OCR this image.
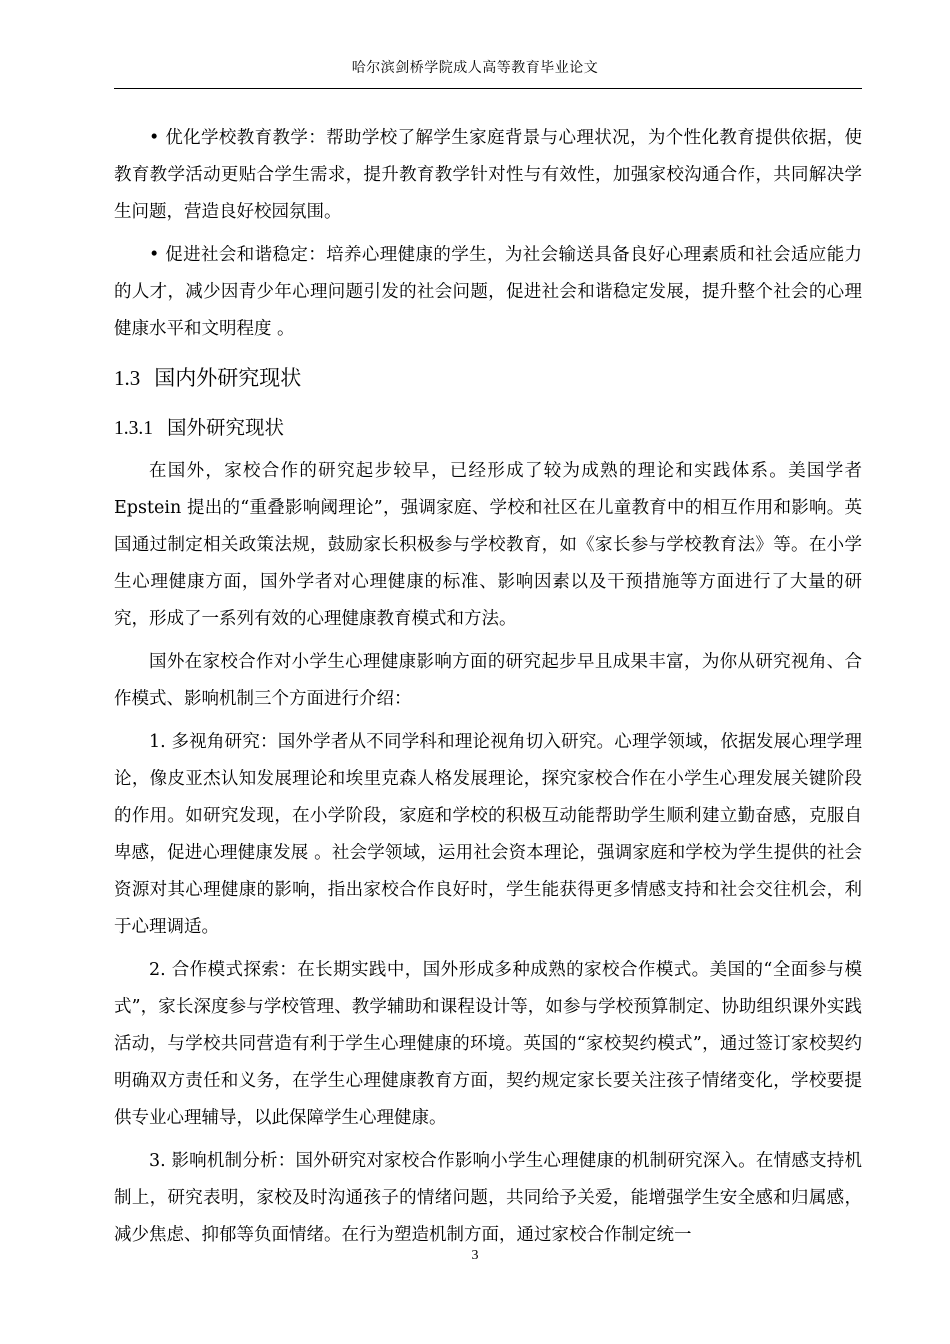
哈尔滨剑桥学院成人高等教育毕业论文

• 优化学校教育教学：帮助学校了解学生家庭背景与心理状况，为个性化教育提供依据，使教育教学活动更贴合学生需求，提升教育教学针对性与有效性，加强家校沟通合作，共同解决学生问题，营造良好校园氛围。

• 促进社会和谐稳定：培养心理健康的学生，为社会输送具备良好心理素质和社会适应能力的人才，减少因青少年心理问题引发的社会问题，促进社会和谐稳定发展，提升整个社会的心理健康水平和文明程度 。

1.3 国内外研究现状
1.3.1 国外研究现状

在国外，家校合作的研究起步较早，已经形成了较为成熟的理论和实践体系。美国学者 Epstein 提出的“重叠影响阈理论”，强调家庭、学校和社区在儿童教育中的相互作用和影响。英国通过制定相关政策法规，鼓励家长积极参与学校教育，如《家长参与学校教育法》等。在小学生心理健康方面，国外学者对心理健康的标准、影响因素以及干预措施等方面进行了大量的研究，形成了一系列有效的心理健康教育模式和方法。

国外在家校合作对小学生心理健康影响方面的研究起步早且成果丰富，为你从研究视角、合作模式、影响机制三个方面进行介绍：

1. 多视角研究：国外学者从不同学科和理论视角切入研究。心理学领域，依据发展心理学理论，像皮亚杰认知发展理论和埃里克森人格发展理论，探究家校合作在小学生心理发展关键阶段的作用。如研究发现，在小学阶段，家庭和学校的积极互动能帮助学生顺利建立勤奋感，克服自卑感，促进心理健康发展 。社会学领域，运用社会资本理论，强调家庭和学校为学生提供的社会资源对其心理健康的影响，指出家校合作良好时，学生能获得更多情感支持和社会交往机会，利于心理调适。

2. 合作模式探索：在长期实践中，国外形成多种成熟的家校合作模式。美国的“全面参与模式”，家长深度参与学校管理、教学辅助和课程设计等，如参与学校预算制定、协助组织课外实践活动，与学校共同营造有利于学生心理健康的环境。英国的“家校契约模式”，通过签订家校契约明确双方责任和义务，在学生心理健康教育方面，契约规定家长要关注孩子情绪变化，学校要提供专业心理辅导，以此保障学生心理健康。

3. 影响机制分析：国外研究对家校合作影响小学生心理健康的机制研究深入。在情感支持机制上，研究表明，家校及时沟通孩子的情绪问题，共同给予关爱，能增强学生安全感和归属感，减少焦虑、抑郁等负面情绪。在行为塑造机制方面，通过家校合作制定统一

3
